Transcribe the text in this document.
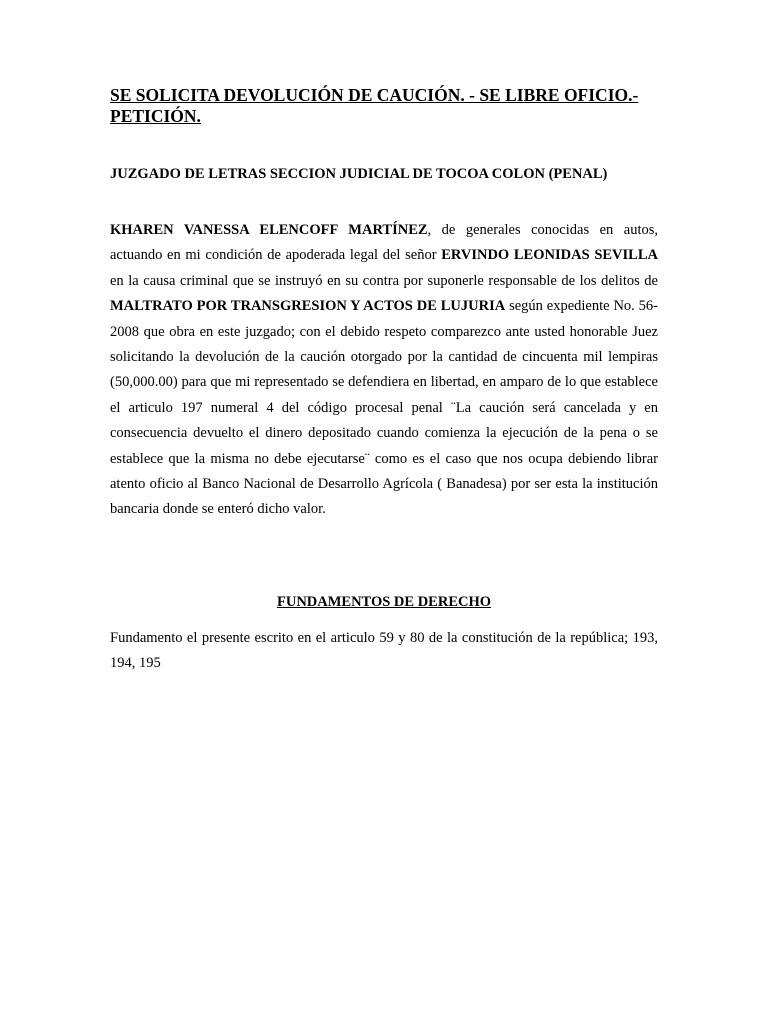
SE SOLICITA DEVOLUCIÓN DE CAUCIÓN. - SE LIBRE OFICIO.- PETICIÓN.

JUZGADO DE LETRAS SECCION JUDICIAL DE TOCOA COLON (PENAL)

KHAREN VANESSA ELENCOFF MARTÍNEZ, de generales conocidas en autos, actuando en mi condición de apoderada legal del señor ERVINDO LEONIDAS SEVILLA en la causa criminal que se instruyó en su contra por suponerle responsable de los delitos de MALTRATO POR TRANSGRESION Y ACTOS DE LUJURIA según expediente No. 56-2008 que obra en este juzgado; con el debido respeto comparezco ante usted honorable Juez solicitando la devolución de la caución otorgado por la cantidad de cincuenta mil lempiras (50,000.00) para que mi representado se defendiera en libertad, en amparo de lo que establece el articulo 197 numeral 4 del código procesal penal ¨La caución será cancelada y en consecuencia devuelto el dinero depositado cuando comienza la ejecución de la pena o se establece que la misma no debe ejecutarse¨ como es el caso que nos ocupa debiendo librar atento oficio al Banco Nacional de Desarrollo Agrícola ( Banadesa) por ser esta la institución bancaria donde se enteró dicho valor.

FUNDAMENTOS DE DERECHO

Fundamento el presente escrito en el articulo 59 y 80 de la constitución de la república; 193, 194, 195
